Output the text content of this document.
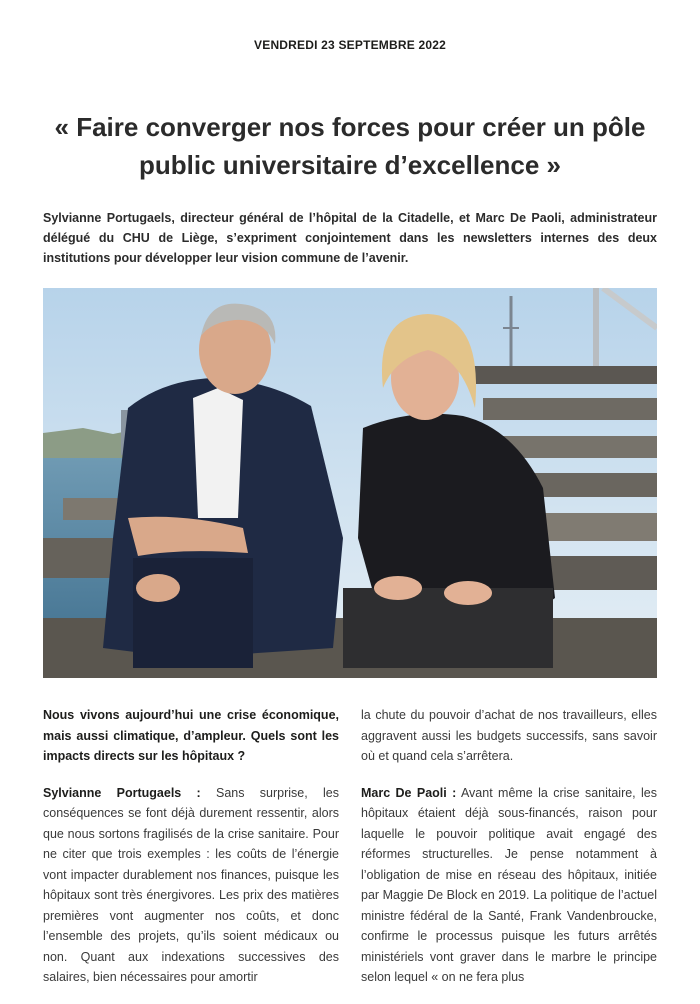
VENDREDI 23 SEPTEMBRE 2022
« Faire converger nos forces pour créer un pôle public universitaire d’excellence »

Sylvianne Portugaels, directeur général de l’hôpital de la Citadelle, et Marc De Paoli, administrateur délégué du CHU de Liège, s’expriment conjointement dans les newsletters internes des deux institutions pour développer leur vision commune de l’avenir.

Nous vivons aujourd’hui une crise économique, mais aussi climatique, d’ampleur. Quels sont les impacts directs sur les hôpitaux ?

Sylvianne Portugaels : Sans surprise, les conséquences se font déjà durement ressentir, alors que nous sortons fragilisés de la crise sanitaire. Pour ne citer que trois exemples : les coûts de l’énergie vont impacter durablement nos finances, puisque les hôpitaux sont très énergivores. Les prix des matières premières vont augmenter nos coûts, et donc l’ensemble des projets, qu’ils soient médicaux ou non. Quant aux indexations successives des salaires, bien nécessaires pour amortir

la chute du pouvoir d’achat de nos travailleurs, elles aggravent aussi les budgets successifs, sans savoir où et quand cela s’arrêtera.

Marc De Paoli : Avant même la crise sanitaire, les hôpitaux étaient déjà sous-financés, raison pour laquelle le pouvoir politique avait engagé des réformes structurelles. Je pense notamment à l’obligation de mise en réseau des hôpitaux, initiée par Maggie De Block en 2019. La politique de l’actuel ministre fédéral de la Santé, Frank Vandenbroucke, confirme le processus puisque les futurs arrêtés ministériels vont graver dans le marbre le principe selon lequel « on ne fera plus
